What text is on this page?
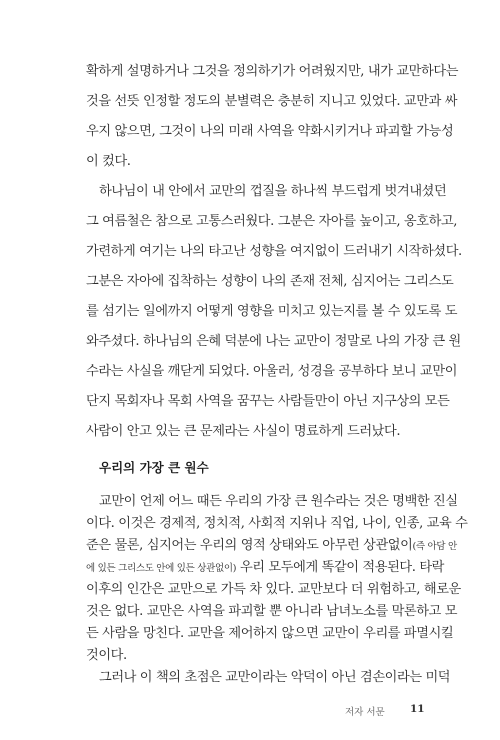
확하게 설명하거나 그것을 정의하기가 어려웠지만, 내가 교만하다는
것을 선뜻 인정할 정도의 분별력은 충분히 지니고 있었다. 교만과 싸
우지 않으면, 그것이 나의 미래 사역을 약화시키거나 파괴할 가능성
이 컸다.
하나님이 내 안에서 교만의 껍질을 하나씩 부드럽게 벗겨내셨던
그 여름철은 참으로 고통스러웠다. 그분은 자아를 높이고, 옹호하고,
가련하게 여기는 나의 타고난 성향을 여지없이 드러내기 시작하셨다.
그분은 자아에 집착하는 성향이 나의 존재 전체, 심지어는 그리스도
를 섬기는 일에까지 어떻게 영향을 미치고 있는지를 볼 수 있도록 도
와주셨다. 하나님의 은혜 덕분에 나는 교만이 정말로 나의 가장 큰 원
수라는 사실을 깨닫게 되었다. 아울러, 성경을 공부하다 보니 교만이
단지 목회자나 목회 사역을 꿈꾸는 사람들만이 아닌 지구상의 모든
사람이 안고 있는 큰 문제라는 사실이 명료하게 드러났다.
우리의 가장 큰 원수
교만이 언제 어느 때든 우리의 가장 큰 원수라는 것은 명백한 진실
이다. 이것은 경제적, 정치적, 사회적 지위나 직업, 나이, 인종, 교육 수
준은 물론, 심지어는 우리의 영적 상태와도 아무런 상관없이(즉 아담 안
에 있든 그리스도 안에 있든 상관없이) 우리 모두에게 똑같이 적용된다. 타락
이후의 인간은 교만으로 가득 차 있다. 교만보다 더 위험하고, 해로운
것은 없다. 교만은 사역을 파괴할 뿐 아니라 남녀노소를 막론하고 모
든 사람을 망친다. 교만을 제어하지 않으면 교만이 우리를 파멸시킬
것이다.
그러나 이 책의 초점은 교만이라는 악덕이 아닌 겸손이라는 미덕
저자 서문 11
